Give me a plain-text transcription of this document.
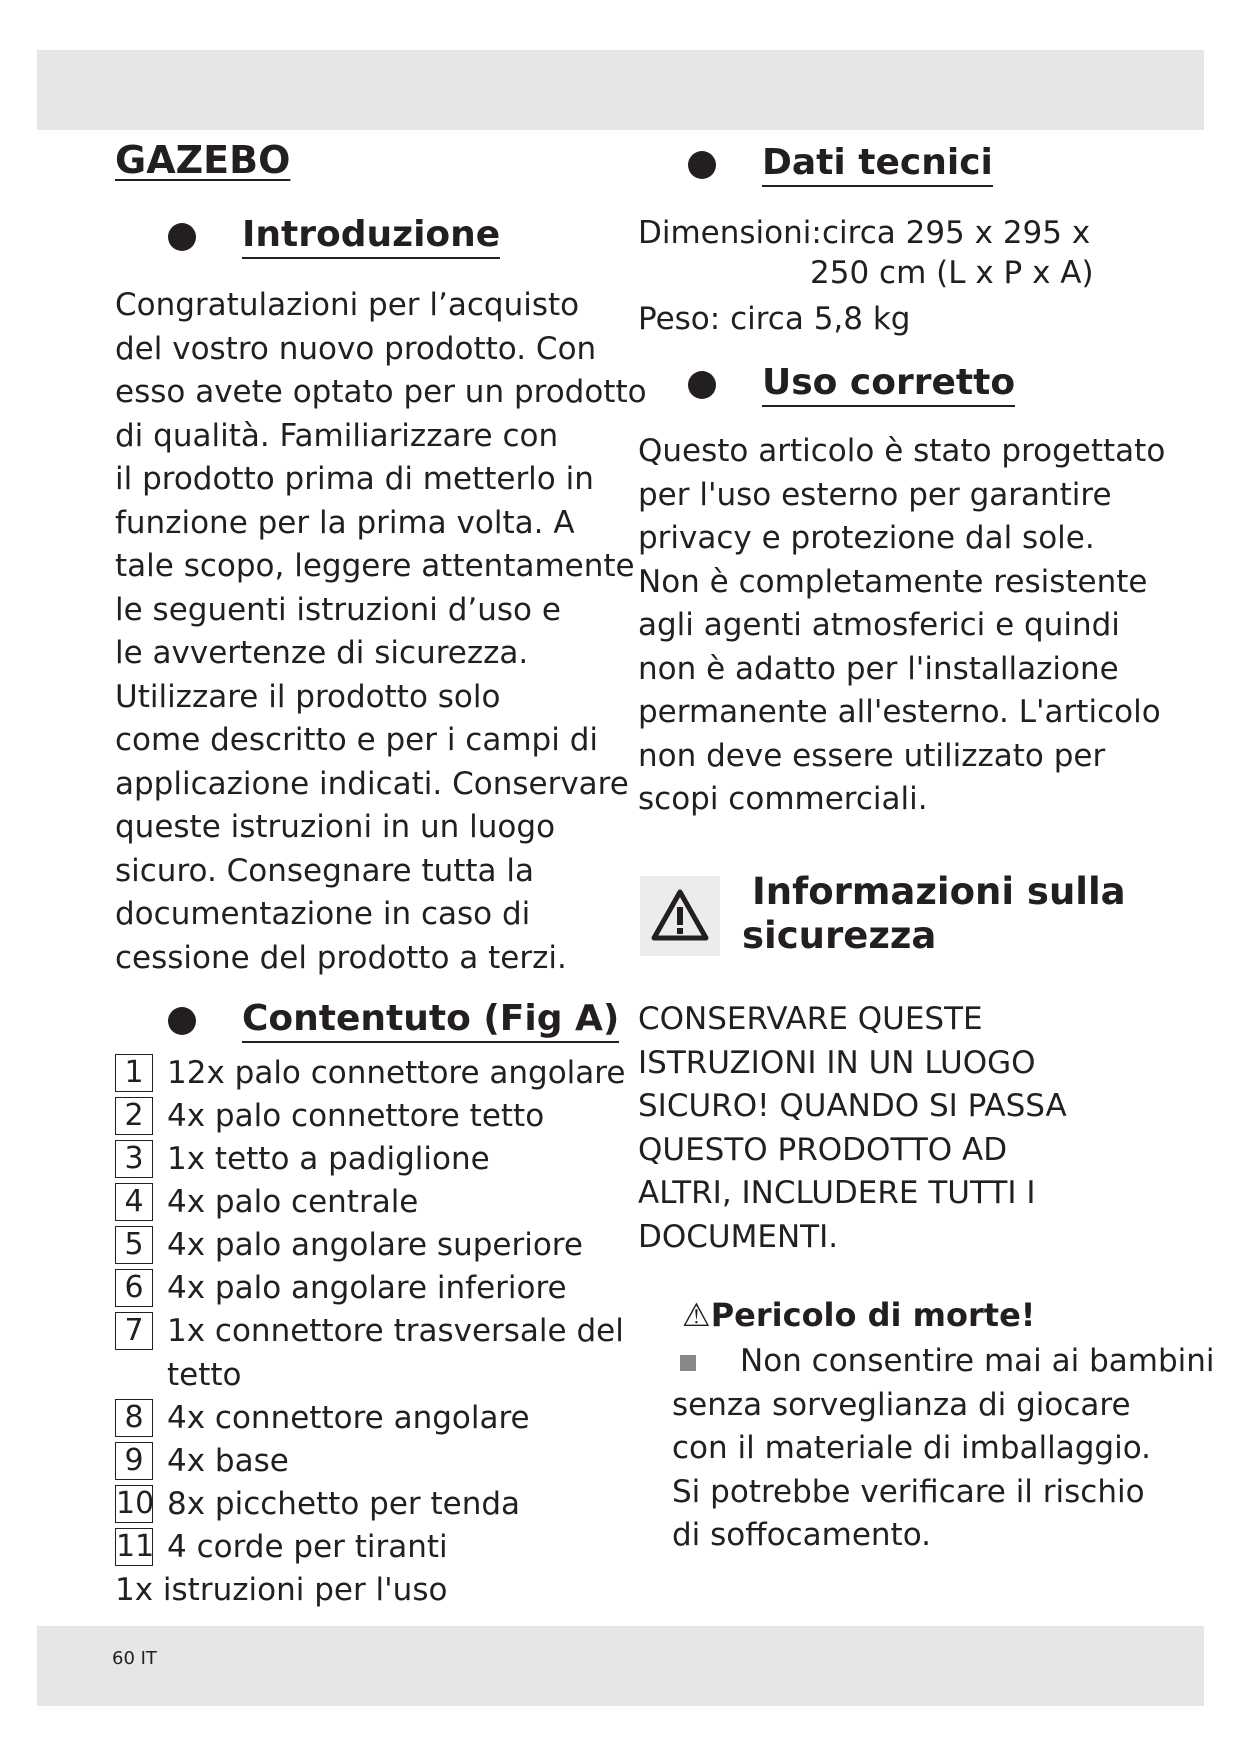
60 IT
GAZEBO
Introduzione
Congratulazioni per l’acquisto
del vostro nuovo prodotto. Con
esso avete optato per un prodotto
di qualità. Familiarizzare con
il prodotto prima di metterlo in
funzione per la prima volta. A
tale scopo, leggere attentamente
le seguenti istruzioni d’uso e
le avvertenze di sicurezza.
Utilizzare il prodotto solo
come descritto e per i campi di
applicazione indicati. Conservare
queste istruzioni in un luogo
sicuro. Consegnare tutta la
documentazione in caso di
cessione del prodotto a terzi.
Contentuto (Fig A)
1 12x palo connettore angolare
2 4x palo connettore tetto
3 1x tetto a padiglione
4 4x palo centrale
5 4x palo angolare superiore
6 4x palo angolare inferiore
7 1x connettore trasversale del
tetto
8 4x connettore angolare
9 4x base
10 8x picchetto per tenda
11 4 corde per tiranti
1x istruzioni per l'uso
Dati tecnici
Dimensioni: circa 295 x 295 x
250 cm (L x P x A)
Peso: circa 5,8 kg
Uso corretto
Questo articolo è stato progettato
per l'uso esterno per garantire
privacy e protezione dal sole.
Non è completamente resistente
agli agenti atmosferici e quindi
non è adatto per l'installazione
permanente all'esterno. L'articolo
non deve essere utilizzato per
scopi commerciali.
Informazioni sulla
sicurezza
CONSERVARE QUESTE
ISTRUZIONI IN UN LUOGO
SICURO! QUANDO SI PASSA
QUESTO PRODOTTO AD
ALTRI, INCLUDERE TUTTI I
DOCUMENTI.
⚠Pericolo di morte!
Non consentire mai ai bambini
senza sorveglianza di giocare
con il materiale di imballaggio.
Si potrebbe verificare il rischio
di soffocamento.
